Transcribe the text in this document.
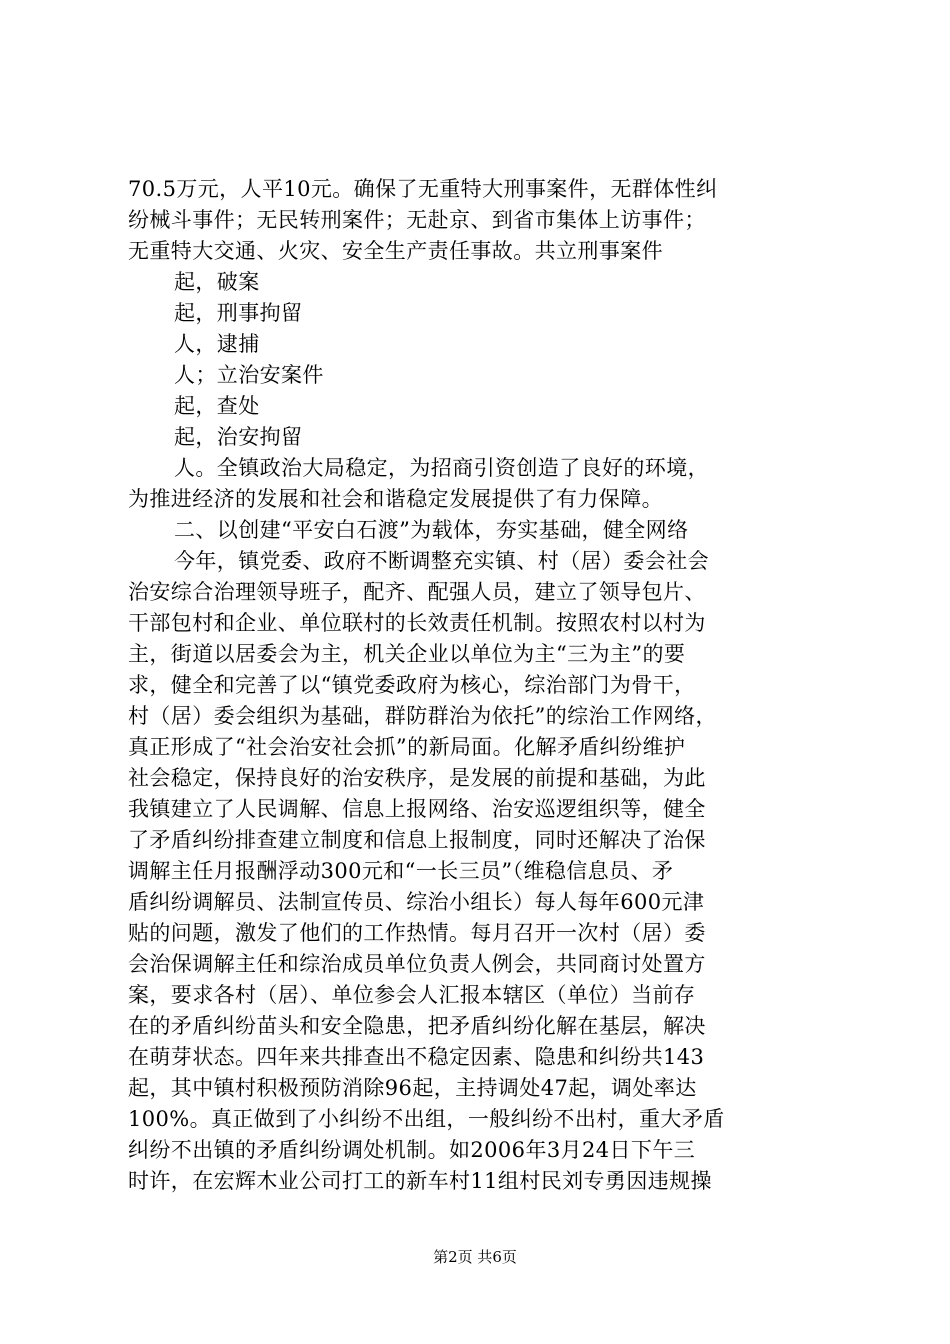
70.5万元，人平10元。确保了无重特大刑事案件，无群体性纠
纷械斗事件；无民转刑案件；无赴京、到省市集体上访事件；
无重特大交通、火灾、安全生产责任事故。共立刑事案件
起，破案
起，刑事拘留
人，逮捕
人；立治安案件
起，查处
起，治安拘留
人。全镇政治大局稳定，为招商引资创造了良好的环境，
为推进经济的发展和社会和谐稳定发展提供了有力保障。
二、以创建“平安白石渡”为载体，夯实基础，健全网络
今年，镇党委、政府不断调整充实镇、村（居）委会社会
治安综合治理领导班子，配齐、配强人员，建立了领导包片、
干部包村和企业、单位联村的长效责任机制。按照农村以村为
主，街道以居委会为主，机关企业以单位为主“三为主”的要
求，健全和完善了以“镇党委政府为核心，综治部门为骨干，
村（居）委会组织为基础，群防群治为依托”的综治工作网络，
真正形成了“社会治安社会抓”的新局面。化解矛盾纠纷维护
社会稳定，保持良好的治安秩序，是发展的前提和基础，为此
我镇建立了人民调解、信息上报网络、治安巡逻组织等，健全
了矛盾纠纷排查建立制度和信息上报制度，同时还解决了治保
调解主任月报酬浮动300元和“一长三员”（维稳信息员、矛
盾纠纷调解员、法制宣传员、综治小组长）每人每年600元津
贴的问题，激发了他们的工作热情。每月召开一次村（居）委
会治保调解主任和综治成员单位负责人例会，共同商讨处置方
案，要求各村（居）、单位参会人汇报本辖区（单位）当前存
在的矛盾纠纷苗头和安全隐患，把矛盾纠纷化解在基层，解决
在萌芽状态。四年来共排查出不稳定因素、隐患和纠纷共143
起，其中镇村积极预防消除96起，主持调处47起，调处率达
100%。真正做到了小纠纷不出组，一般纠纷不出村，重大矛盾
纠纷不出镇的矛盾纠纷调处机制。如2006年3月24日下午三
时许，在宏辉木业公司打工的新车村11组村民刘专勇因违规操
第2页 共6页
